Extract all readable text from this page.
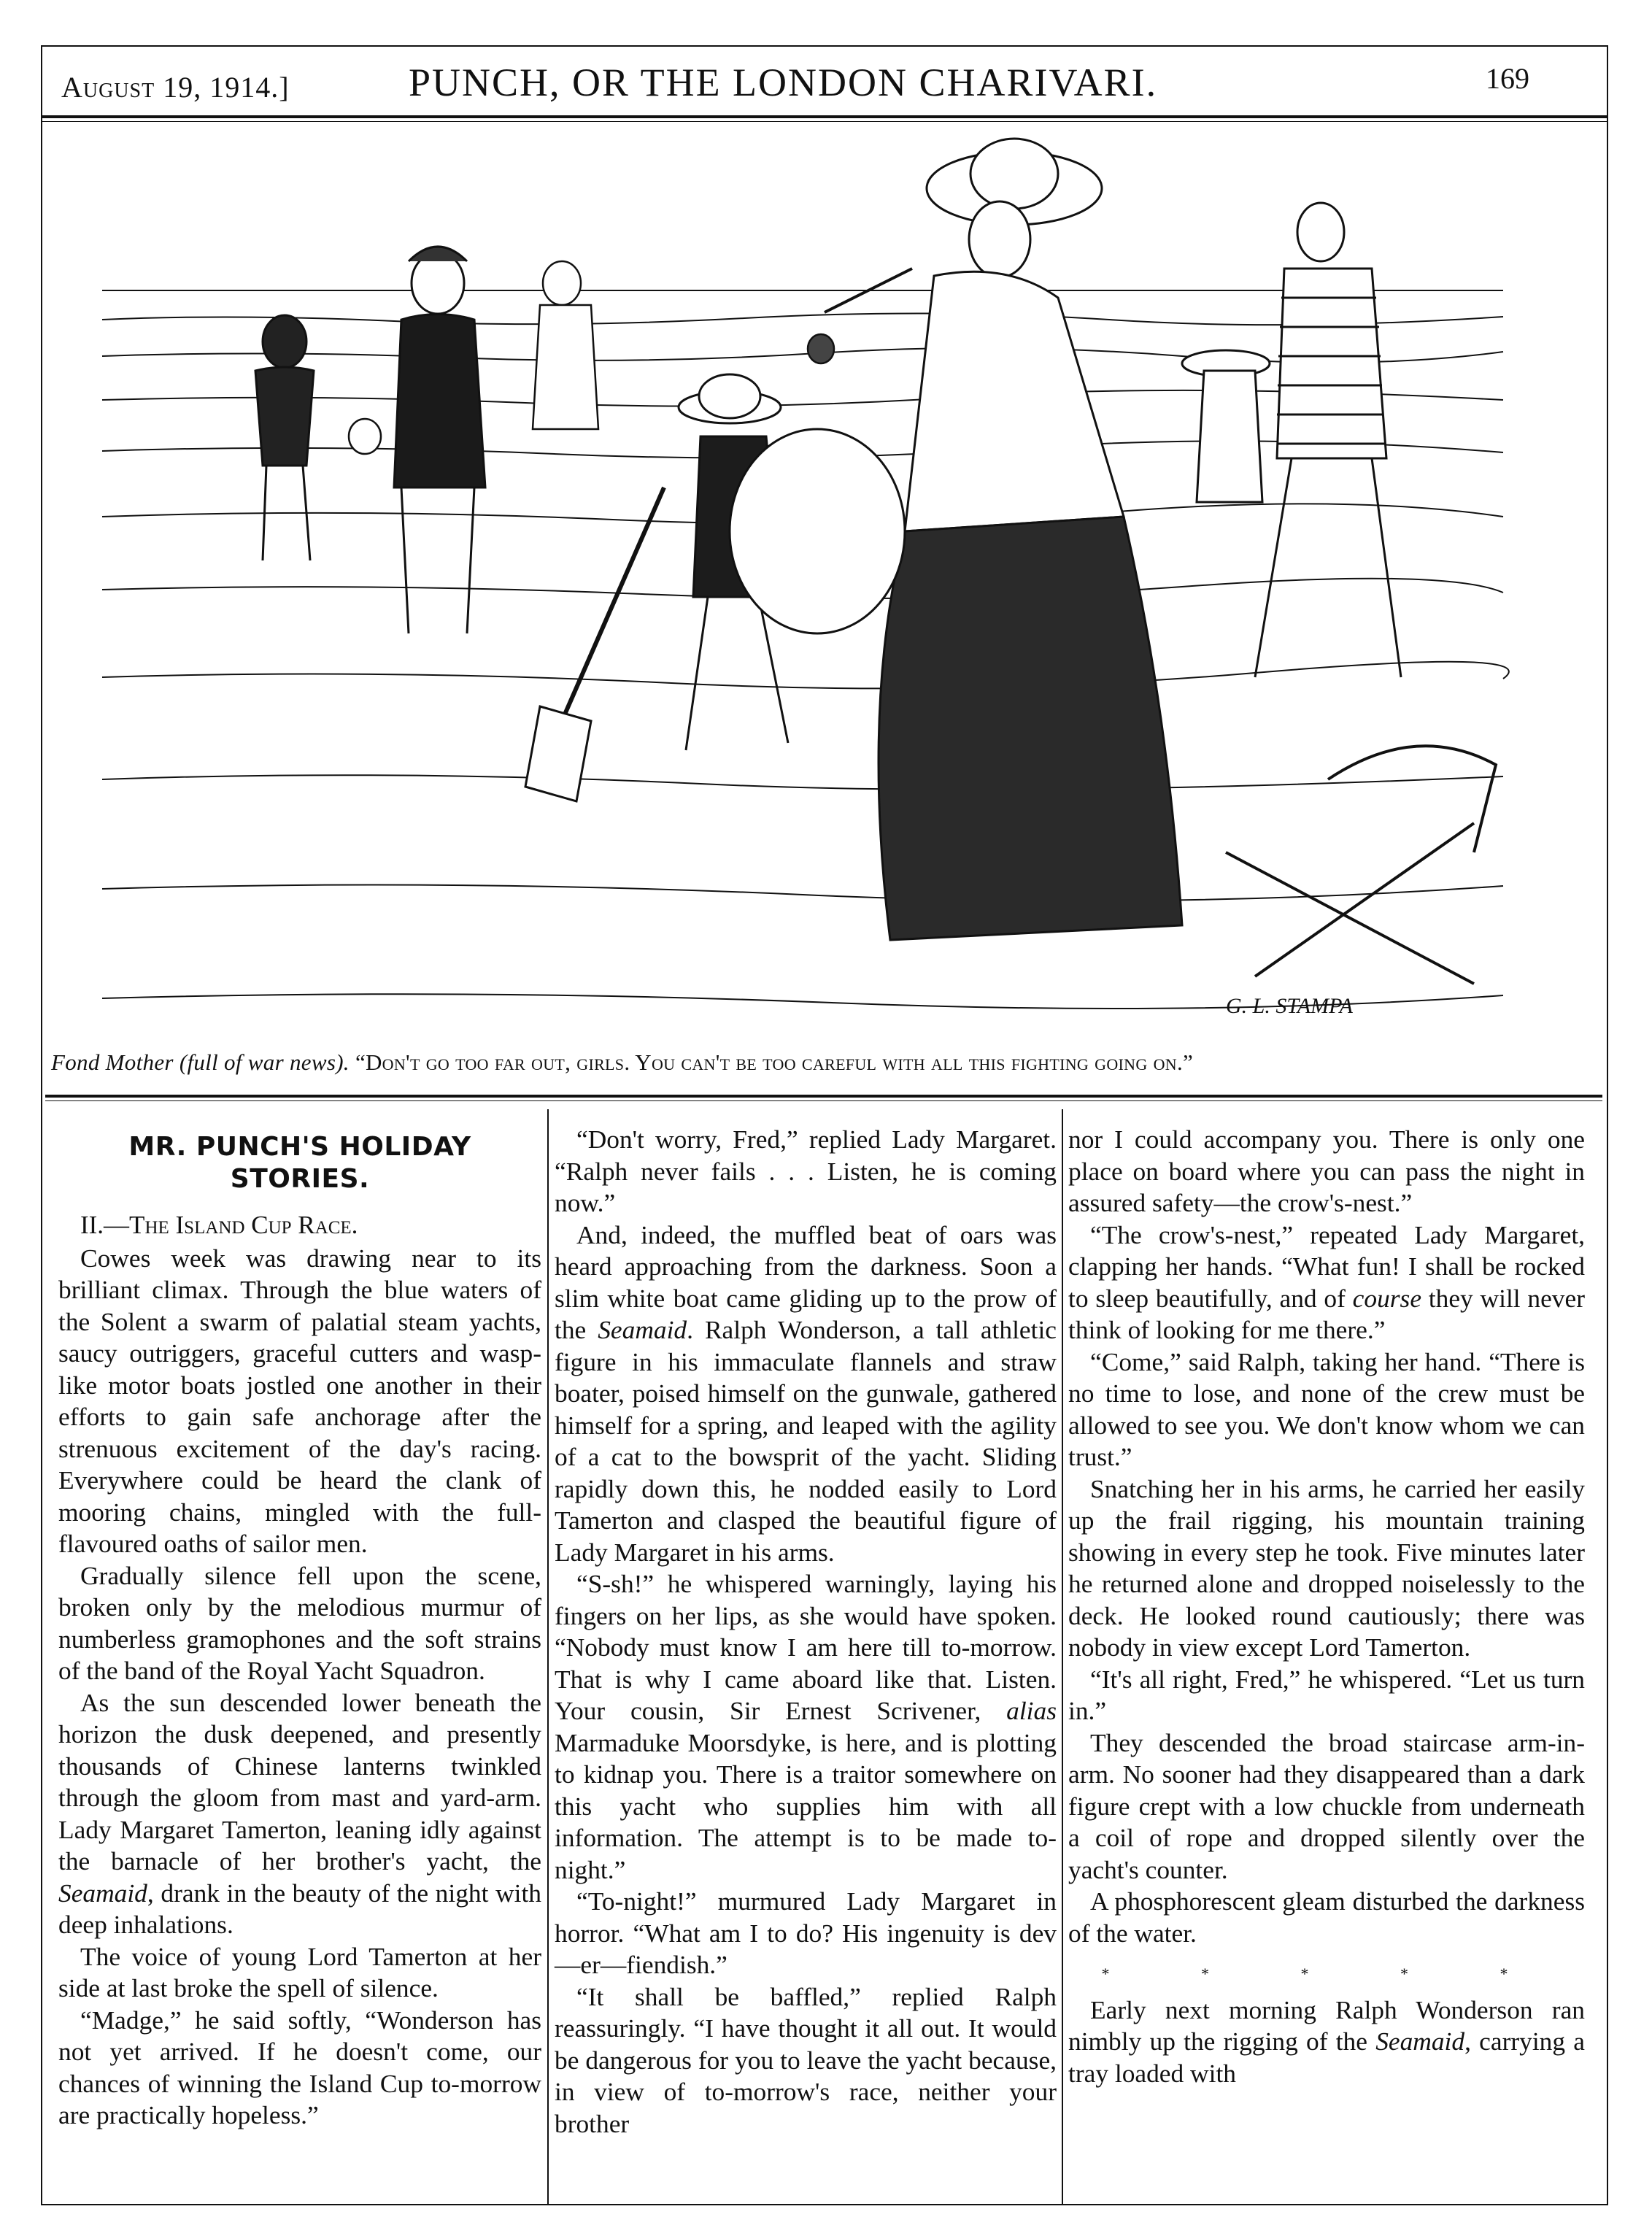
August 19, 1914.]	PUNCH, OR THE LONDON CHARIVARI.	169
G. L. STAMPA
Fond Mother (full of war news). “Don't go too far out, girls. You can't be too careful with all this fighting going on.”
MR. PUNCH'S HOLIDAY STORIES.
II.—The Island Cup Race.

Cowes week was drawing near to its brilliant climax. Through the blue waters of the Solent a swarm of palatial steam yachts, saucy outriggers, graceful cutters and wasp-like motor boats jostled one another in their efforts to gain safe anchorage after the strenuous excitement of the day's racing. Everywhere could be heard the clank of mooring chains, mingled with the full-flavoured oaths of sailor men.

Gradually silence fell upon the scene, broken only by the melodious murmur of numberless gramophones and the soft strains of the band of the Royal Yacht Squadron.

As the sun descended lower beneath the horizon the dusk deepened, and presently thousands of Chinese lanterns twinkled through the gloom from mast and yard-arm. Lady Margaret Tamerton, leaning idly against the barnacle of her brother's yacht, the Seamaid, drank in the beauty of the night with deep inhalations.

The voice of young Lord Tamerton at her side at last broke the spell of silence.

“Madge,” he said softly, “Wonderson has not yet arrived. If he doesn't come, our chances of winning the Island Cup to-morrow are practically hopeless.”

“Don't worry, Fred,” replied Lady Margaret. “Ralph never fails . . . Listen, he is coming now.”

And, indeed, the muffled beat of oars was heard approaching from the darkness. Soon a slim white boat came gliding up to the prow of the Seamaid. Ralph Wonderson, a tall athletic figure in his immaculate flannels and straw boater, poised himself on the gunwale, gathered himself for a spring, and leaped with the agility of a cat to the bowsprit of the yacht. Sliding rapidly down this, he nodded easily to Lord Tamerton and clasped the beautiful figure of Lady Margaret in his arms.

“S-sh!” he whispered warningly, laying his fingers on her lips, as she would have spoken. “Nobody must know I am here till to-morrow. That is why I came aboard like that. Listen. Your cousin, Sir Ernest Scrivener, alias Marmaduke Moorsdyke, is here, and is plotting to kidnap you. There is a traitor somewhere on this yacht who supplies him with all information. The attempt is to be made to-night.”

“To-night!” murmured Lady Margaret in horror. “What am I to do? His ingenuity is dev—er—fiendish.”

“It shall be baffled,” replied Ralph reassuringly. “I have thought it all out. It would be dangerous for you to leave the yacht because, in view of to-morrow's race, neither your brother

nor I could accompany you. There is only one place on board where you can pass the night in assured safety—the crow's-nest.”

“The crow's-nest,” repeated Lady Margaret, clapping her hands. “What fun! I shall be rocked to sleep beautifully, and of course they will never think of looking for me there.”

“Come,” said Ralph, taking her hand. “There is no time to lose, and none of the crew must be allowed to see you. We don't know whom we can trust.”

Snatching her in his arms, he carried her easily up the frail rigging, his mountain training showing in every step he took. Five minutes later he returned alone and dropped noiselessly to the deck. He looked round cautiously; there was nobody in view except Lord Tamerton.

“It's all right, Fred,” he whispered. “Let us turn in.”

They descended the broad staircase arm-in-arm. No sooner had they disappeared than a dark figure crept with a low chuckle from underneath a coil of rope and dropped silently over the yacht's counter.

A phosphorescent gleam disturbed the darkness of the water.

* * * * *

Early next morning Ralph Wonderson ran nimbly up the rigging of the Seamaid, carrying a tray loaded with
